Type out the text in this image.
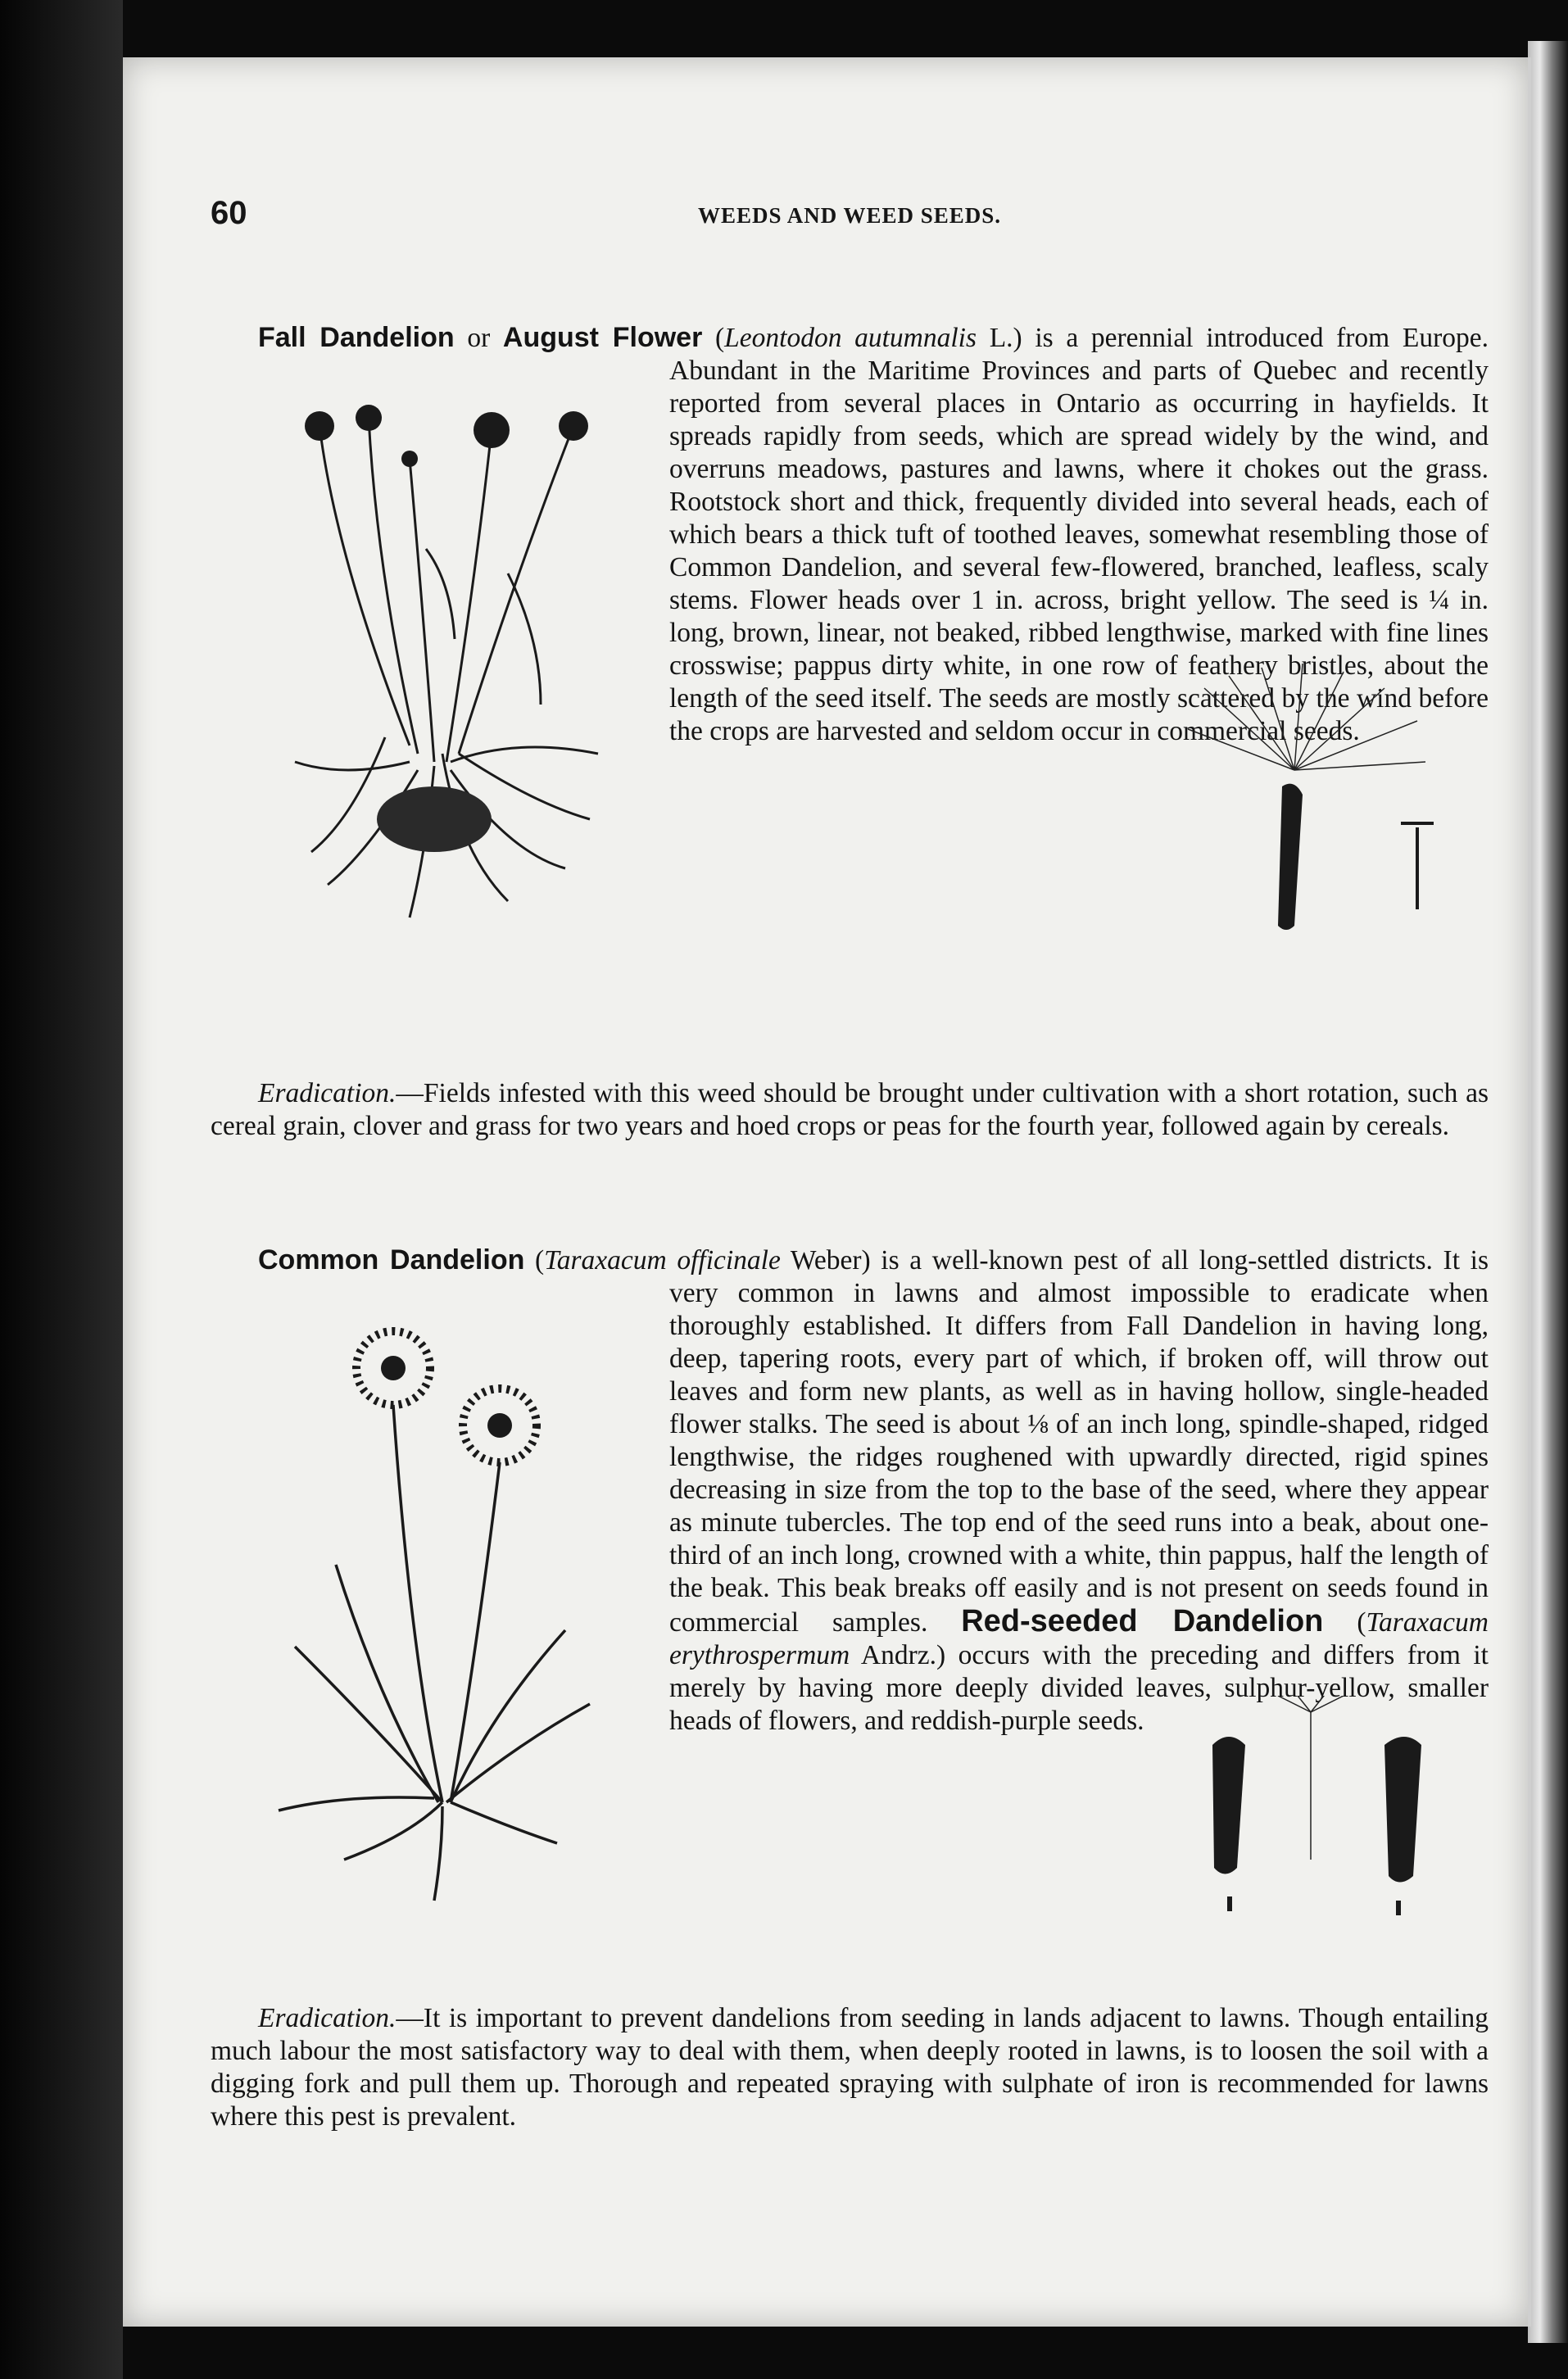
60	WEEDS AND WEED SEEDS.

Fall Dandelion or August Flower (Leontodon autumnalis L.) is a perennial introduced from Europe. Abundant in the Maritime Provinces and parts of Quebec and recently reported from several places in Ontario as occurring in hayfields. It spreads rapidly from seeds, which are spread widely by the wind, and overruns meadows, pastures and lawns, where it chokes out the grass. Rootstock short and thick, frequently divided into several heads, each of which bears a thick tuft of toothed leaves, somewhat resembling those of Common Dandelion, and several few-flowered, branched, leafless, scaly stems. Flower heads over 1 in. across, bright yellow. The seed is ¼ in. long, brown, linear, not beaked, ribbed lengthwise, marked with fine lines crosswise; pappus dirty white, in one row of feathery bristles, about the length of the seed itself. The seeds are mostly scattered by the wind before the crops are harvested and seldom occur in commercial seeds.

Eradication.—Fields infested with this weed should be brought under cultivation with a short rotation, such as cereal grain, clover and grass for two years and hoed crops or peas for the fourth year, followed again by cereals.

Common Dandelion (Taraxacum officinale Weber) is a well-known pest of all long-settled districts. It is very common in lawns and almost impossible to eradicate when thoroughly established. It differs from Fall Dandelion in having long, deep, tapering roots, every part of which, if broken off, will throw out leaves and form new plants, as well as in having hollow, single-headed flower stalks. The seed is about ⅛ of an inch long, spindle-shaped, ridged lengthwise, the ridges roughened with upwardly directed, rigid spines decreasing in size from the top to the base of the seed, where they appear as minute tubercles. The top end of the seed runs into a beak, about one-third of an inch long, crowned with a white, thin pappus, half the length of the beak. This beak breaks off easily and is not present on seeds found in commercial samples. Red-seeded Dandelion (Taraxacum erythrospermum Andrz.) occurs with the preceding and differs from it merely by having more deeply divided leaves, sulphur-yellow, smaller heads of flowers, and reddish-purple seeds.

Eradication.—It is important to prevent dandelions from seeding in lands adjacent to lawns. Though entailing much labour the most satisfactory way to deal with them, when deeply rooted in lawns, is to loosen the soil with a digging fork and pull them up. Thorough and repeated spraying with sulphate of iron is recommended for lawns where this pest is prevalent.
